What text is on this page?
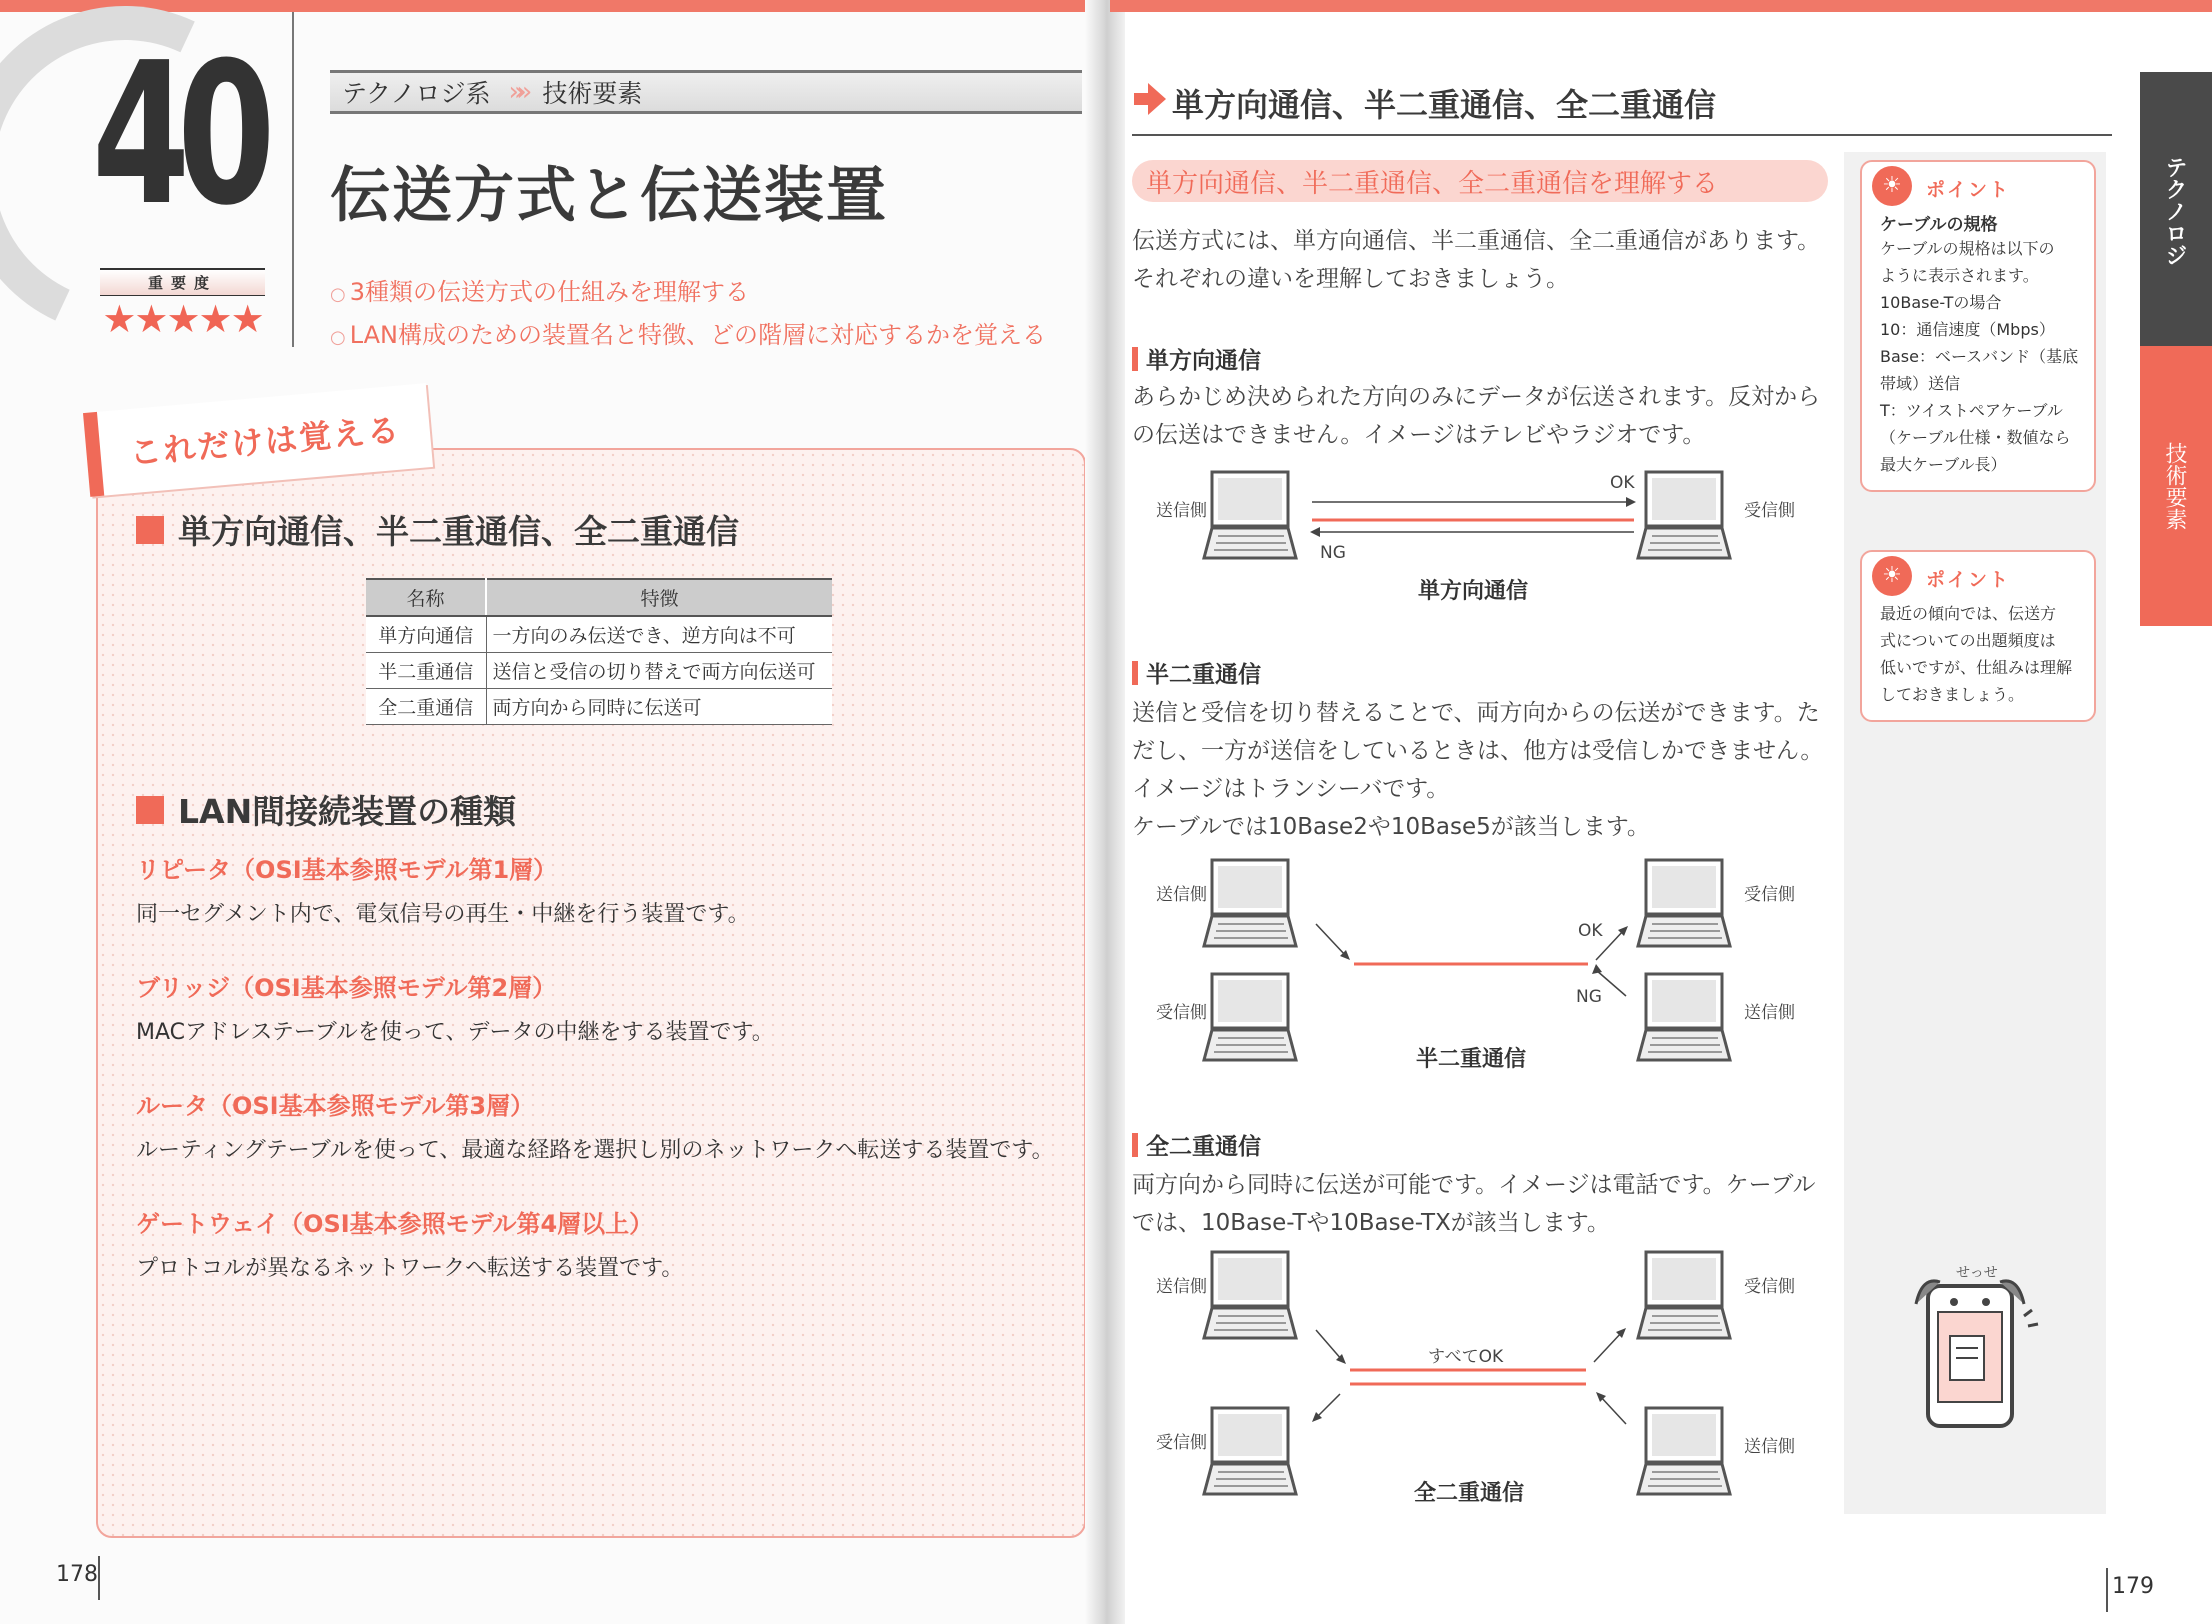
40
重要度
★★★★★
テクノロジ系 »» 技術要素
伝送方式と伝送装置
○ 3種類の伝送方式の仕組みを理解する
○ LAN構成のための装置名と特徴、どの階層に対応するかを覚える
これだけは覚える
単方向通信、半二重通信、全二重通信
名称	特徴
単方向通信	一方向のみ伝送でき、逆方向は不可
半二重通信	送信と受信の切り替えで両方向伝送可
全二重通信	両方向から同時に伝送可
LAN間接続装置の種類
リピータ（OSI基本参照モデル第1層）
同一セグメント内で、電気信号の再生・中継を行う装置です。
ブリッジ（OSI基本参照モデル第2層）
MACアドレステーブルを使って、データの中継をする装置です。
ルータ（OSI基本参照モデル第3層）
ルーティングテーブルを使って、最適な経路を選択し別のネットワークへ転送する装置です。
ゲートウェイ（OSI基本参照モデル第4層以上）
プロトコルが異なるネットワークへ転送する装置です。
178
単方向通信、半二重通信、全二重通信
単方向通信、半二重通信、全二重通信を理解する
伝送方式には、単方向通信、半二重通信、全二重通信があります。
それぞれの違いを理解しておきましょう。
単方向通信
あらかじめ決められた方向のみにデータが伝送されます。反対から
の伝送はできません。イメージはテレビやラジオです。
送信側	受信側
OK
NG
単方向通信
半二重通信
送信と受信を切り替えることで、両方向からの伝送ができます。た
だし、一方が送信をしているときは、他方は受信しかできません。
イメージはトランシーバです。
ケーブルでは10Base2や10Base5が該当します。
送信側	受信側
受信側	送信側
OK
NG
半二重通信
全二重通信
両方向から同時に伝送が可能です。イメージは電話です。ケーブル
では、10Base-Tや10Base-TXが該当します。
送信側	受信側
受信側	送信側
すべてOK
全二重通信
☀	ポイント
ケーブルの規格
ケーブルの規格は以下の
ように表示されます。
10Base-Tの場合
10：通信速度（Mbps）
Base：ベースバンド（基底
帯域）送信
T：ツイストペアケーブル
（ケーブル仕様・数値なら
最大ケーブル長）
☀	ポイント
最近の傾向では、伝送方
式についての出題頻度は
低いですが、仕組みは理解
しておきましょう。
テクノロジ
技術要素
せっせ
179
